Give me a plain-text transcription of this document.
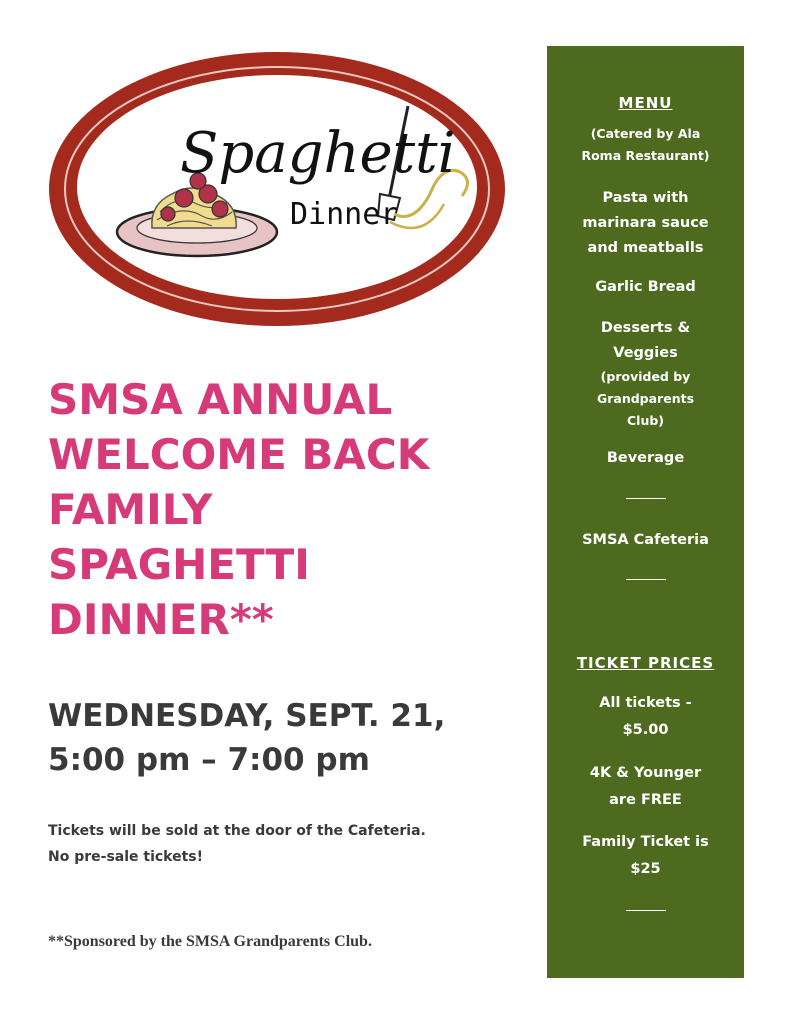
Spaghetti
Dinner
SMSA ANNUAL
WELCOME BACK
FAMILY
SPAGHETTI
DINNER**
WEDNESDAY, SEPT. 21,
5:00 pm – 7:00 pm
Tickets will be sold at the door of the Cafeteria.
No pre-sale tickets!
**Sponsored by the SMSA Grandparents Club.
MENU
(Catered by Ala
Roma Restaurant)
Pasta with
marinara sauce
and meatballs
Garlic Bread
Desserts &
Veggies
(provided by
Grandparents
Club)
Beverage
SMSA Cafeteria
TICKET PRICES
All tickets -
$5.00
4K & Younger
are FREE
Family Ticket is
$25
